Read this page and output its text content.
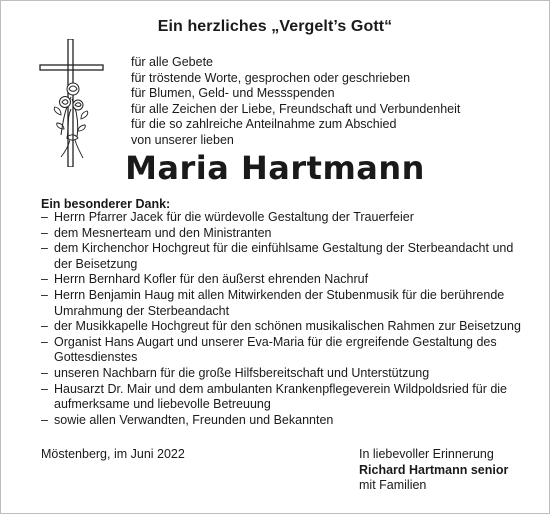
Ein herzliches „Vergelt’s Gott“
für alle Gebete
für tröstende Worte, gesprochen oder geschrieben
für Blumen, Geld- und Messspenden
für alle Zeichen der Liebe, Freundschaft und Verbundenheit
für die so zahlreiche Anteilnahme zum Abschied
von unserer lieben
Maria Hartmann
Ein besonderer Dank:
– Herrn Pfarrer Jacek für die würdevolle Gestaltung der Trauerfeier
– dem Mesnerteam und den Ministranten
– dem Kirchenchor Hochgreut für die einfühlsame Gestaltung der Sterbeandacht und der Beisetzung
– Herrn Bernhard Kofler für den äußerst ehrenden Nachruf
– Herrn Benjamin Haug mit allen Mitwirkenden der Stubenmusik für die berührende Umrahmung der Sterbeandacht
– der Musikkapelle Hochgreut für den schönen musikalischen Rahmen zur Beisetzung
– Organist Hans Augart und unserer Eva-Maria für die ergreifende Gestaltung des Gottesdienstes
– unseren Nachbarn für die große Hilfsbereitschaft und Unterstützung
– Hausarzt Dr. Mair und dem ambulanten Krankenpflegeverein Wildpoldsried für die aufmerksame und liebevolle Betreuung
– sowie allen Verwandten, Freunden und Bekannten
Möstenberg, im Juni 2022	In liebevoller Erinnerung
Richard Hartmann senior
mit Familien
